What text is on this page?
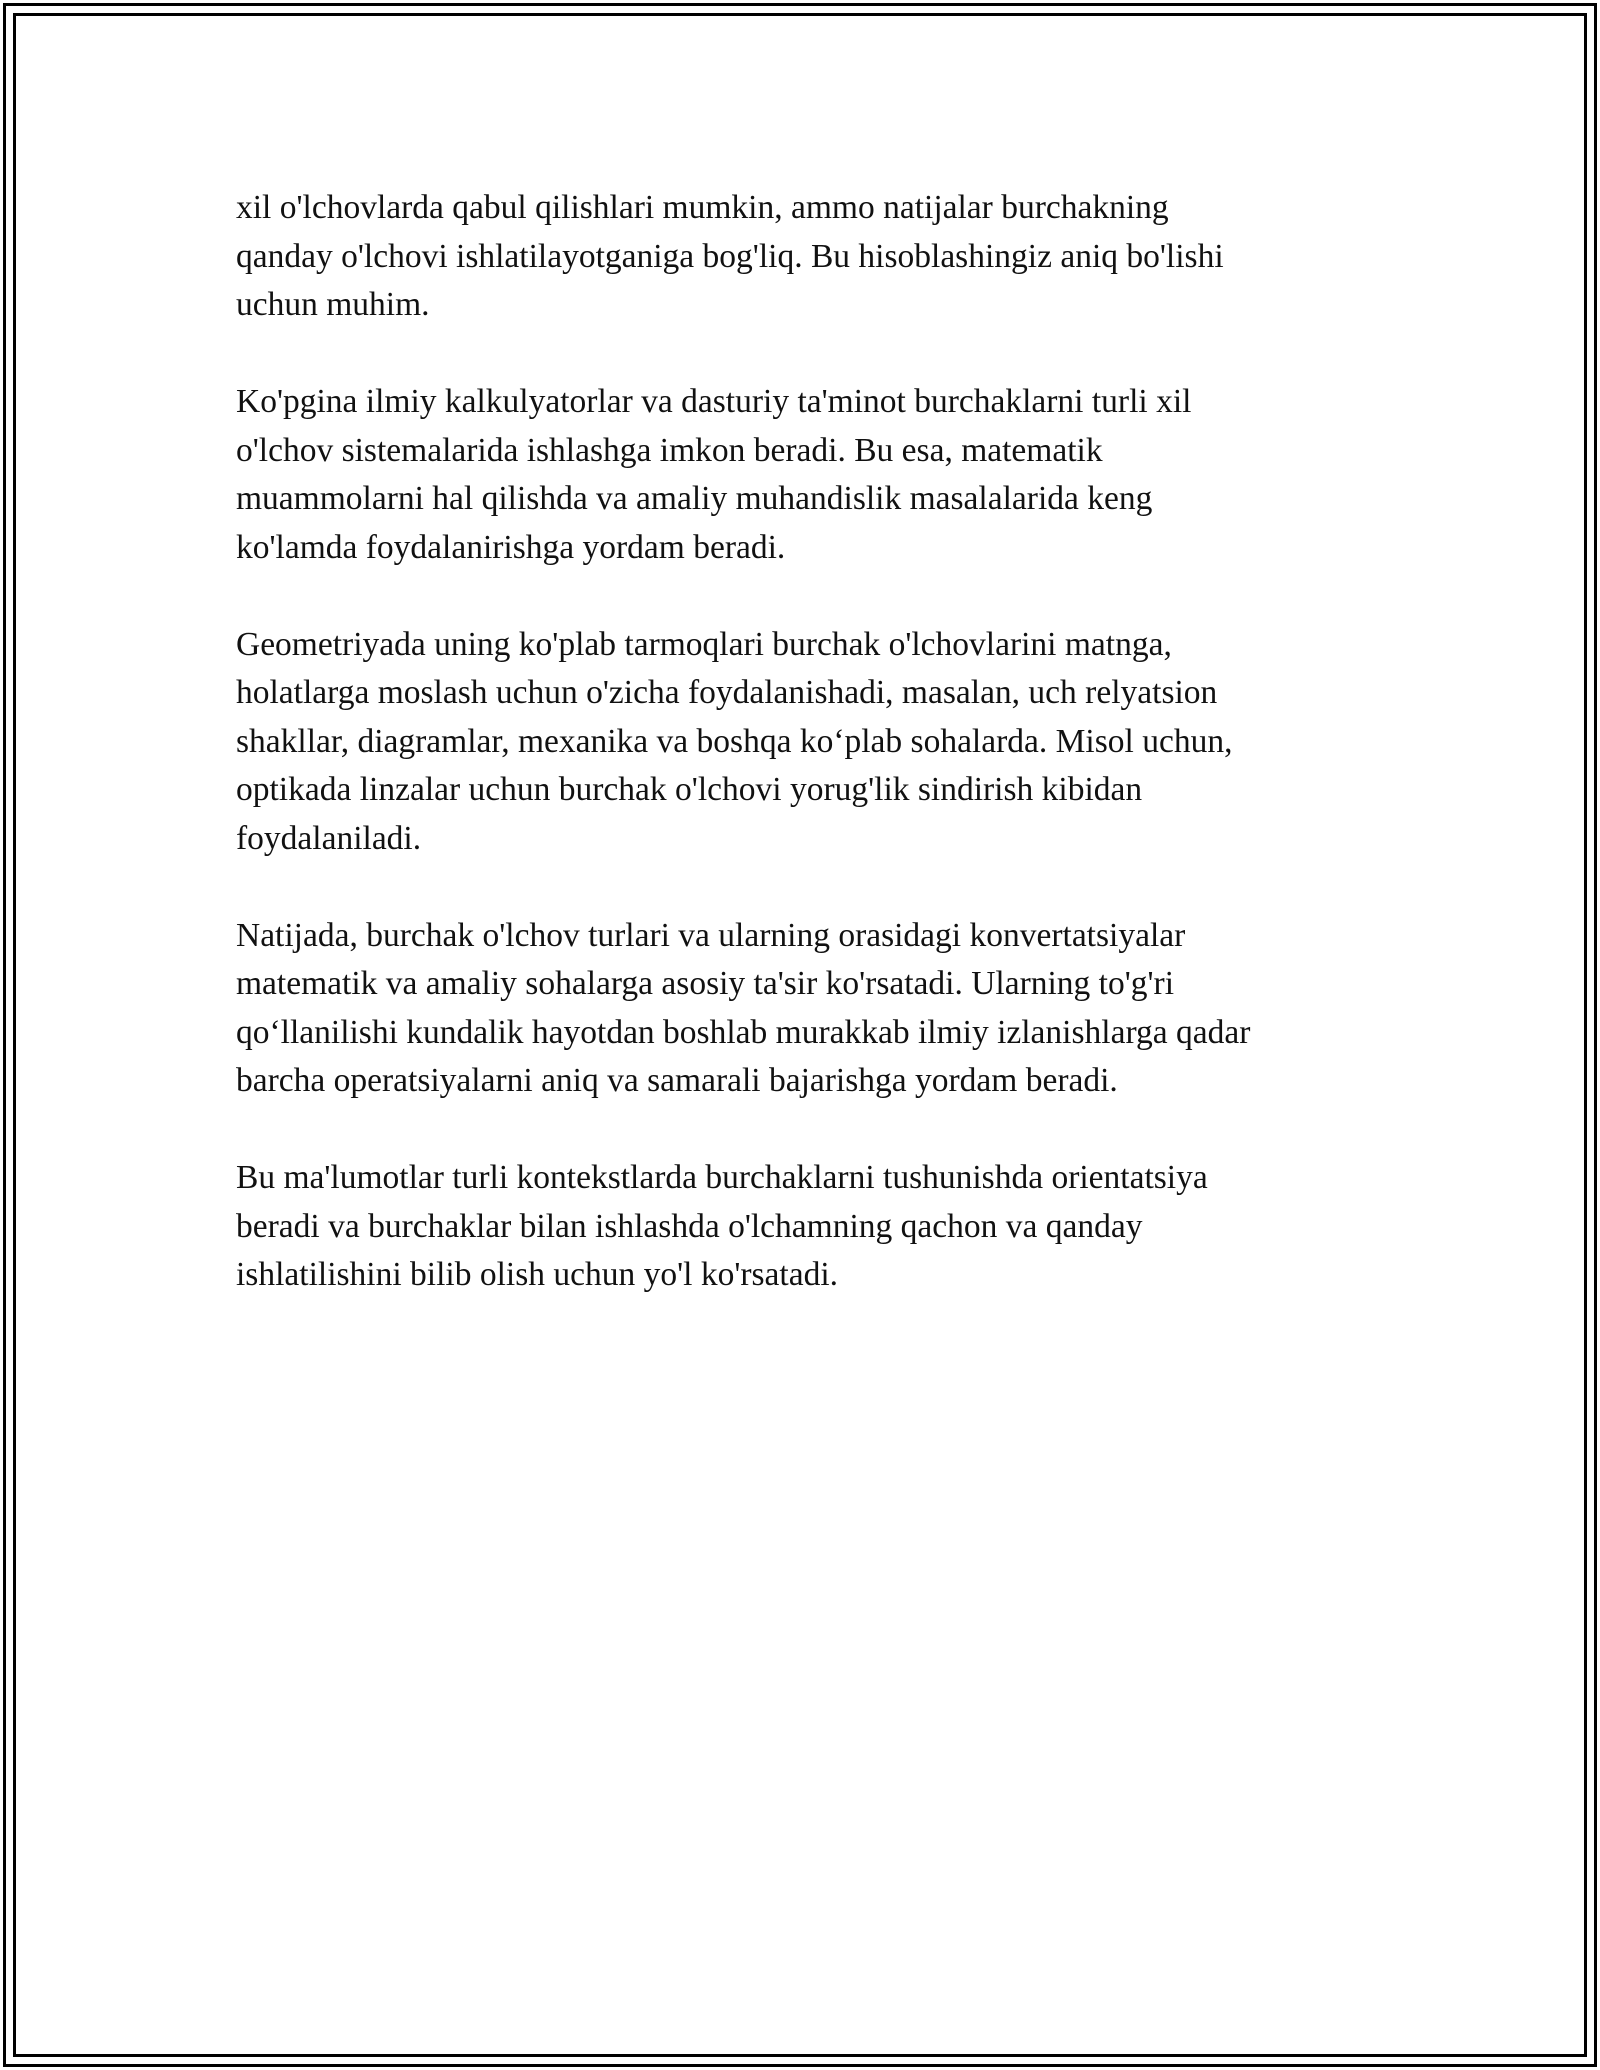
xil o'lchovlarda qabul qilishlari mumkin, ammo natijalar burchakning
qanday o'lchovi ishlatilayotganiga bog'liq. Bu hisoblashingiz aniq bo'lishi
uchun muhim.

Ko'pgina ilmiy kalkulyatorlar va dasturiy ta'minot burchaklarni turli xil
o'lchov sistemalarida ishlashga imkon beradi. Bu esa, matematik
muammolarni hal qilishda va amaliy muhandislik masalalarida keng
ko'lamda foydalanirishga yordam beradi.

Geometriyada uning ko'plab tarmoqlari burchak o'lchovlarini matnga,
holatlarga moslash uchun o'zicha foydalanishadi, masalan, uch relyatsion
shakllar, diagramlar, mexanika va boshqa ko‘plab sohalarda. Misol uchun,
optikada linzalar uchun burchak o'lchovi yorug'lik sindirish kibidan
foydalaniladi.

Natijada, burchak o'lchov turlari va ularning orasidagi konvertatsiyalar
matematik va amaliy sohalarga asosiy ta'sir ko'rsatadi. Ularning to'g'ri
qo‘llanilishi kundalik hayotdan boshlab murakkab ilmiy izlanishlarga qadar
barcha operatsiyalarni aniq va samarali bajarishga yordam beradi.

Bu ma'lumotlar turli kontekstlarda burchaklarni tushunishda orientatsiya
beradi va burchaklar bilan ishlashda o'lchamning qachon va qanday
ishlatilishini bilib olish uchun yo'l ko'rsatadi.
